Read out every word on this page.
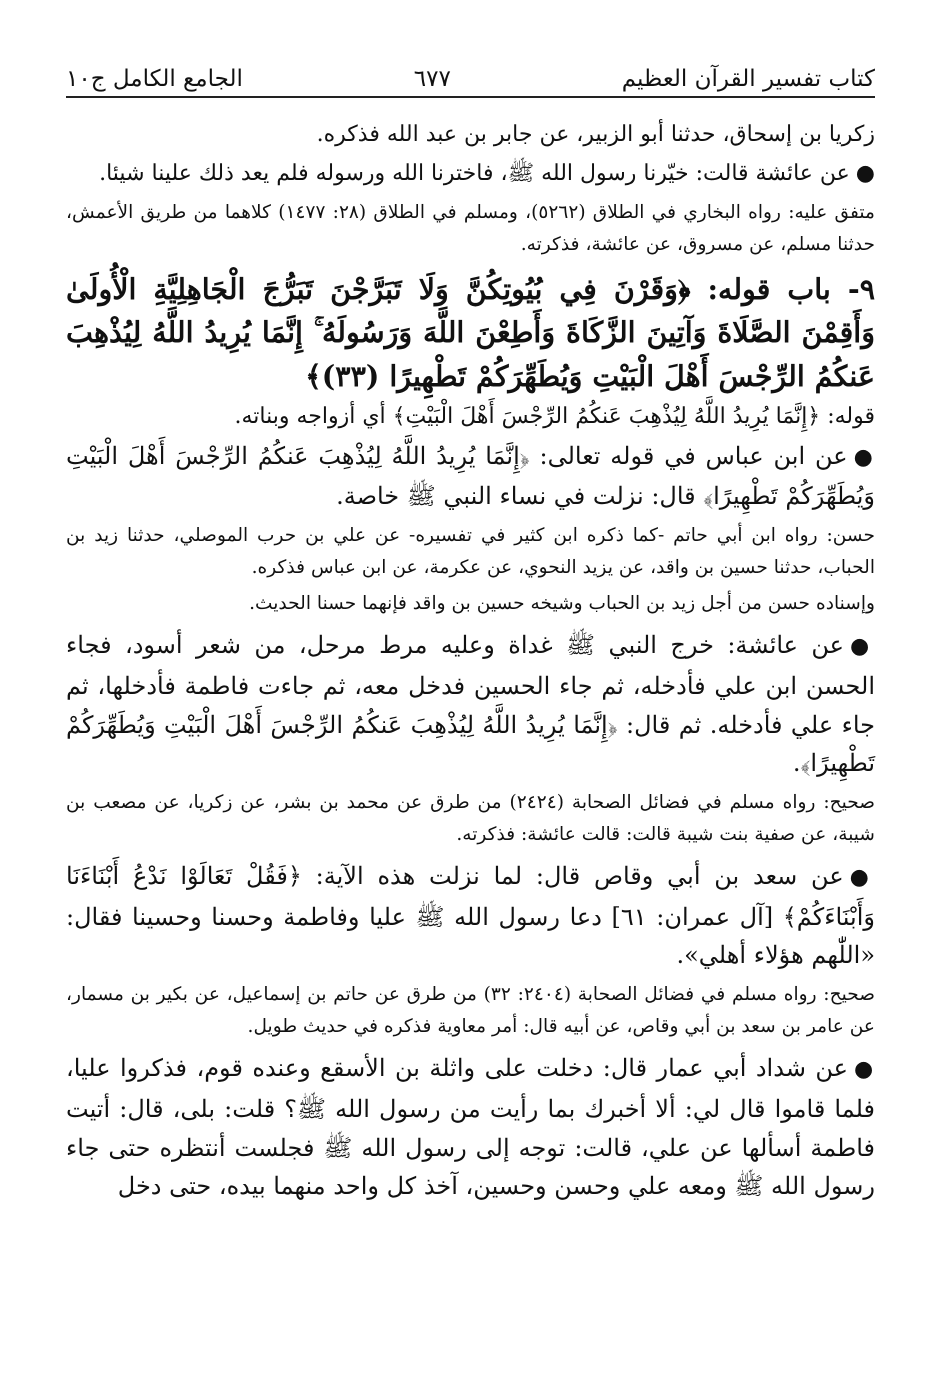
كتاب تفسير القرآن العظيم
٦٧٧
الجامع الكامل ج١٠

زكريا بن إسحاق، حدثنا أبو الزبير، عن جابر بن عبد الله فذكره.

●عن عائشة قالت: خيّرنا رسول الله ﷺ، فاخترنا الله ورسوله فلم يعد ذلك علينا شيئا.

متفق عليه: رواه البخاري في الطلاق (٥٢٦٢)، ومسلم في الطلاق (٢٨: ١٤٧٧) كلاهما من طريق الأعمش، حدثنا مسلم، عن مسروق، عن عائشة، فذكرته.

٩- باب قوله: ﴿وَقَرْنَ فِي بُيُوتِكُنَّ وَلَا تَبَرَّجْنَ تَبَرُّجَ الْجَاهِلِيَّةِ الْأُولَىٰ وَأَقِمْنَ الصَّلَاةَ وَآتِينَ الزَّكَاةَ وَأَطِعْنَ اللَّهَ وَرَسُولَهُ ۚ إِنَّمَا يُرِيدُ اللَّهُ لِيُذْهِبَ عَنكُمُ الرِّجْسَ أَهْلَ الْبَيْتِ وَيُطَهِّرَكُمْ تَطْهِيرًا (٣٣)﴾

قوله: ﴿إِنَّمَا يُرِيدُ اللَّهُ لِيُذْهِبَ عَنكُمُ الرِّجْسَ أَهْلَ الْبَيْتِ﴾ أي أزواجه وبناته.

●عن ابن عباس في قوله تعالى: ﴿إِنَّمَا يُرِيدُ اللَّهُ لِيُذْهِبَ عَنكُمُ الرِّجْسَ أَهْلَ الْبَيْتِ وَيُطَهِّرَكُمْ تَطْهِيرًا﴾ قال: نزلت في نساء النبي ﷺ خاصة.

حسن: رواه ابن أبي حاتم -كما ذكره ابن كثير في تفسيره- عن علي بن حرب الموصلي، حدثنا زيد بن الحباب، حدثنا حسين بن واقد، عن يزيد النحوي، عن عكرمة، عن ابن عباس فذكره.

وإسناده حسن من أجل زيد بن الحباب وشيخه حسين بن واقد فإنهما حسنا الحديث.

●عن عائشة: خرج النبي ﷺ غداة وعليه مرط مرحل، من شعر أسود، فجاء الحسن ابن علي فأدخله، ثم جاء الحسين فدخل معه، ثم جاءت فاطمة فأدخلها، ثم جاء علي فأدخله. ثم قال: ﴿إِنَّمَا يُرِيدُ اللَّهُ لِيُذْهِبَ عَنكُمُ الرِّجْسَ أَهْلَ الْبَيْتِ وَيُطَهِّرَكُمْ تَطْهِيرًا﴾.

صحيح: رواه مسلم في فضائل الصحابة (٢٤٢٤) من طرق عن محمد بن بشر، عن زكريا، عن مصعب بن شيبة، عن صفية بنت شيبة قالت: قالت عائشة: فذكرته.

●عن سعد بن أبي وقاص قال: لما نزلت هذه الآية: ﴿فَقُلْ تَعَالَوْا نَدْعُ أَبْنَاءَنَا وَأَبْنَاءَكُمْ﴾ [آل عمران: ٦١] دعا رسول الله ﷺ عليا وفاطمة وحسنا وحسينا فقال: «اللّٰهم هؤلاء أهلي».

صحيح: رواه مسلم في فضائل الصحابة (٢٤٠٤: ٣٢) من طرق عن حاتم بن إسماعيل، عن بكير بن مسمار، عن عامر بن سعد بن أبي وقاص، عن أبيه قال: أمر معاوية فذكره في حديث طويل.

●عن شداد أبي عمار قال: دخلت على واثلة بن الأسقع وعنده قوم، فذكروا عليا، فلما قاموا قال لي: ألا أخبرك بما رأيت من رسول الله ﷺ؟ قلت: بلى، قال: أتيت فاطمة أسألها عن علي، قالت: توجه إلى رسول الله ﷺ فجلست أنتظره حتى جاء رسول الله ﷺ ومعه علي وحسن وحسين، آخذ كل واحد منهما بيده، حتى دخل
